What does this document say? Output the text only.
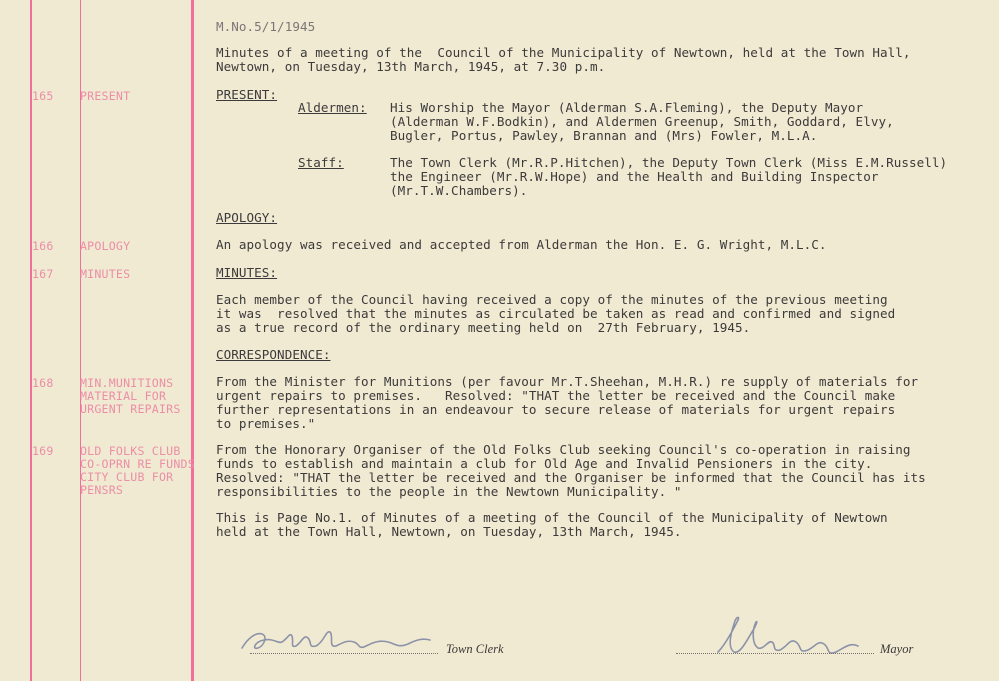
M.No.5/1/1945
Minutes of a meeting of the  Council of the Municipality of Newtown, held at the Town Hall,
Newtown, on Tuesday, 13th March, 1945, at 7.30 p.m.
165 PRESENT	PRESENT:
Aldermen: His Worship the Mayor (Alderman S.A.Fleming), the Deputy Mayor
(Alderman W.F.Bodkin), and Aldermen Greenup, Smith, Goddard, Elvy,
Bugler, Portus, Pawley, Brannan and (Mrs) Fowler, M.L.A.
Staff:	The Town Clerk (Mr.R.P.Hitchen), the Deputy Town Clerk (Miss E.M.Russell)
the Engineer (Mr.R.W.Hope) and the Health and Building Inspector
(Mr.T.W.Chambers).
APOLOGY:
166 APOLOGY	An apology was received and accepted from Alderman the Hon. E. G. Wright, M.L.C.
167 MINUTES	MINUTES:
Each member of the Council having received a copy of the minutes of the previous meeting
it was  resolved that the minutes as circulated be taken as read and confirmed and signed
as a true record of the ordinary meeting held on  27th February, 1945.
CORRESPONDENCE:
168 MIN.MUNITIONS
MATERIAL FOR
URGENT REPAIRS
From the Minister for Munitions (per favour Mr.T.Sheehan, M.H.R.) re supply of materials for
urgent repairs to premises.   Resolved: "THAT the letter be received and the Council make
further representations in an endeavour to secure release of materials for urgent repairs
to premises."
169 OLD FOLKS CLUB
CO-OPRN RE FUNDS
CITY CLUB FOR
PENSRS
From the Honorary Organiser of the Old Folks Club seeking Council's co-operation in raising
funds to establish and maintain a club for Old Age and Invalid Pensioners in the city.
Resolved: "THAT the letter be received and the Organiser be informed that the Council has its
responsibilities to the people in the Newtown Municipality. "
This is Page No.1. of Minutes of a meeting of the Council of the Municipality of Newtown
held at the Town Hall, Newtown, on Tuesday, 13th March, 1945.
Town Clerk	Mayor
